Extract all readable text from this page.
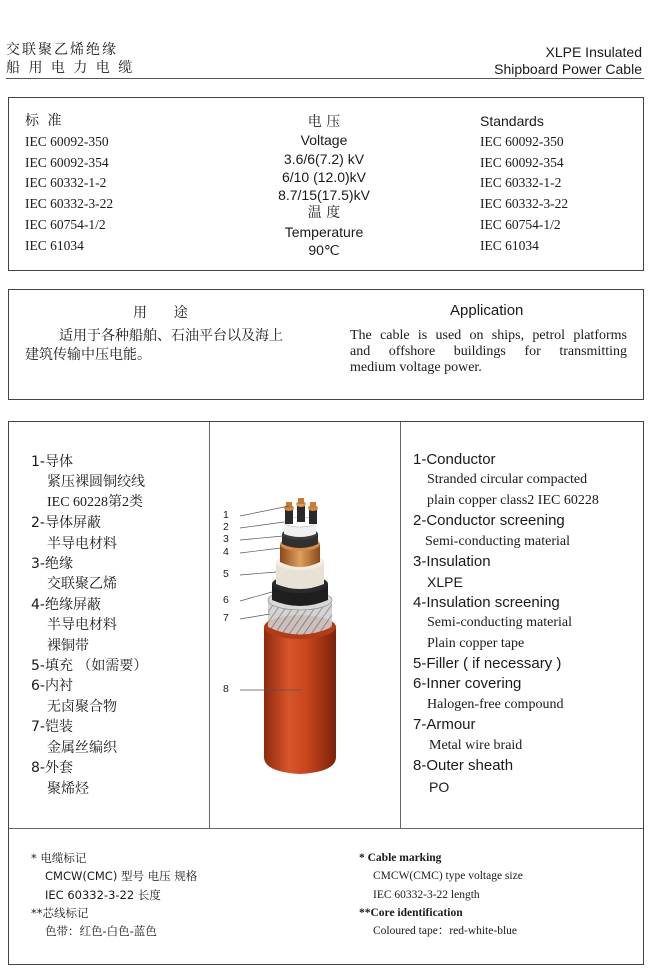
交联聚乙烯绝缘
船 用 电 力 电 缆
XLPE Insulated
Shipboard Power Cable
标 准
IEC 60092-350
IEC 60092-354
IEC 60332-1-2
IEC 60332-3-22
IEC 60754-1/2
IEC 61034
电 压
Voltage
3.6/6(7.2) kV
6/10 (12.0)kV
8.7/15(17.5)kV
温 度
Temperature
90℃
Standards
IEC 60092-350
IEC 60092-354
IEC 60332-1-2
IEC 60332-3-22
IEC 60754-1/2
IEC 61034
用      途	Application
适用于各种船舶、石油平台以及海上
建筑传输中压电能。
The cable is used on ships, petrol platforms
and offshore buildings for transmitting
medium voltage power.
1-导体
紧压裸圆铜绞线
IEC 60228第2类
2-导体屏蔽
半导电材料
3-绝缘
交联聚乙烯
4-绝缘屏蔽
半导电材料
裸铜带
5-填充 （如需要）
6-内衬
无卤聚合物
7-铠装
金属丝编织
8-外套
聚烯烃
1
2
3
4
5
6
7
8
1-Conductor
Stranded circular compacted
plain copper class2 IEC 60228
2-Conductor screening
Semi-conducting material
3-Insulation
XLPE
4-Insulation screening
Semi-conducting material
Plain copper tape
5-Filler ( if necessary )
6-Inner covering
Halogen-free compound
7-Armour
Metal wire braid
8-Outer sheath
PO
* 电缆标记
CMCW(CMC) 型号 电压 规格
IEC 60332-3-22 长度
**芯线标记
色带：红色-白色-蓝色
* Cable marking
CMCW(CMC) type voltage size
IEC 60332-3-22 length
**Core identification
Coloured tape：red-white-blue
